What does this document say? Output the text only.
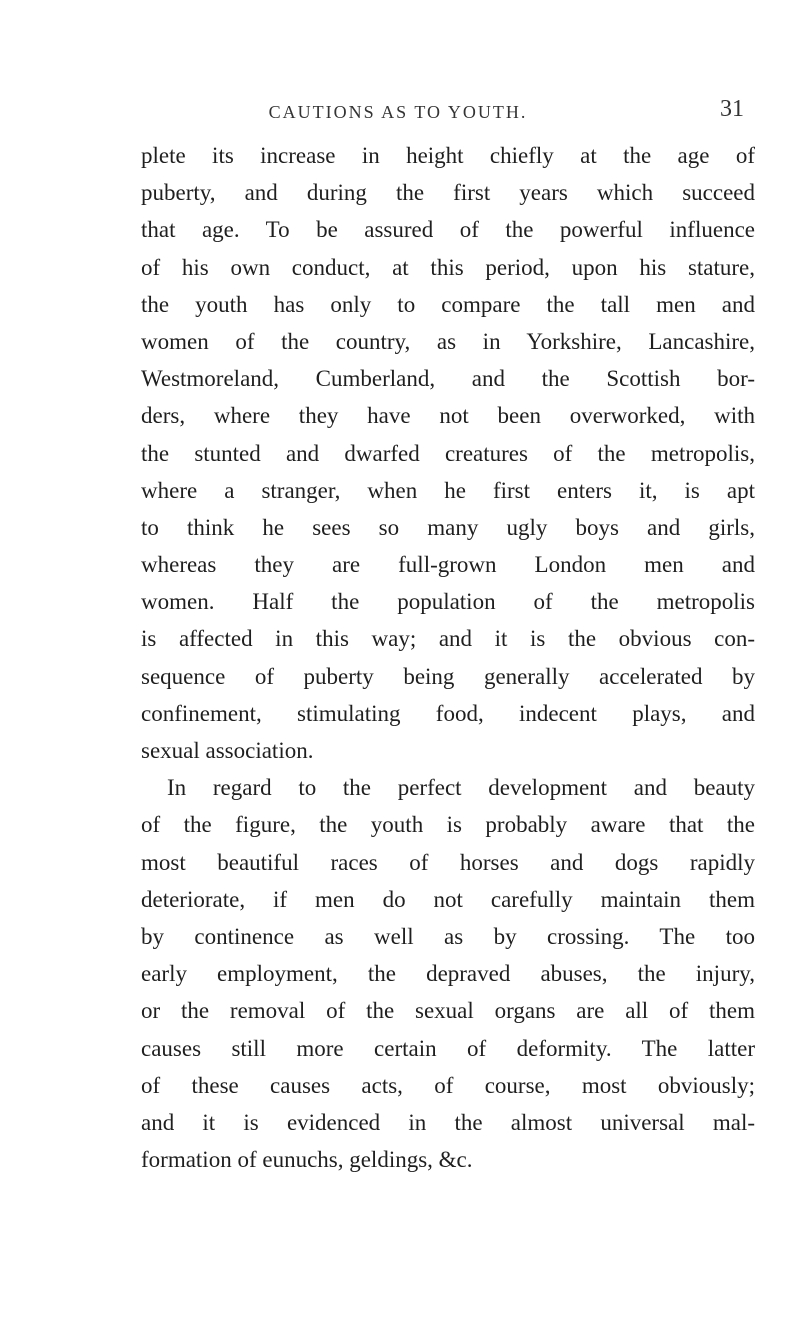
CAUTIONS AS TO YOUTH.	31
plete its increase in height chiefly at the age of
puberty, and during the first years which succeed
that age. To be assured of the powerful influence
of his own conduct, at this period, upon his stature,
the youth has only to compare the tall men and
women of the country, as in Yorkshire, Lancashire,
Westmoreland, Cumberland, and the Scottish bor-
ders, where they have not been overworked, with
the stunted and dwarfed creatures of the metropolis,
where a stranger, when he first enters it, is apt
to think he sees so many ugly boys and girls,
whereas they are full-grown London men and
women. Half the population of the metropolis
is affected in this way; and it is the obvious con-
sequence of puberty being generally accelerated by
confinement, stimulating food, indecent plays, and
sexual association.
In regard to the perfect development and beauty
of the figure, the youth is probably aware that the
most beautiful races of horses and dogs rapidly
deteriorate, if men do not carefully maintain them
by continence as well as by crossing. The too
early employment, the depraved abuses, the injury,
or the removal of the sexual organs are all of them
causes still more certain of deformity. The latter
of these causes acts, of course, most obviously;
and it is evidenced in the almost universal mal-
formation of eunuchs, geldings, &c.
